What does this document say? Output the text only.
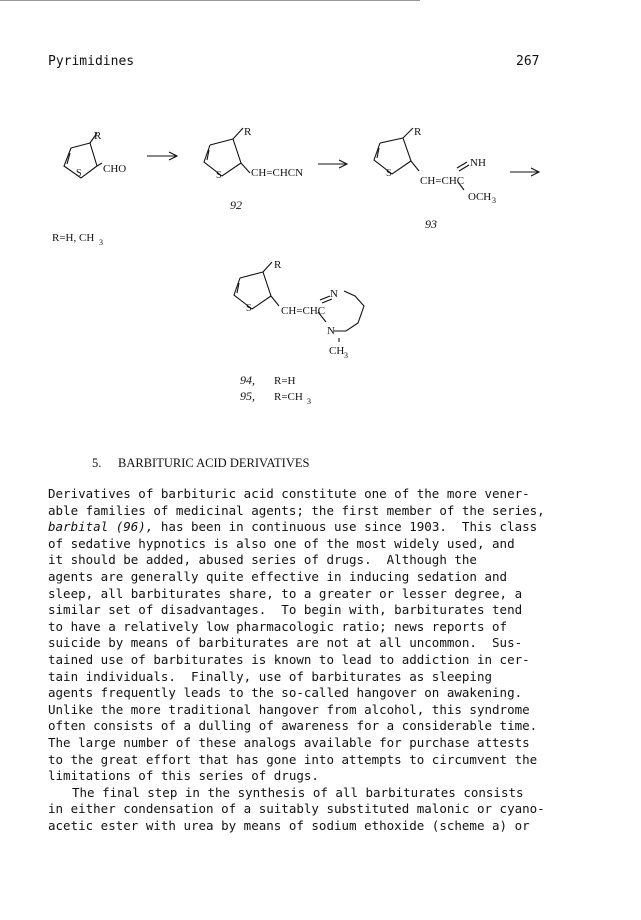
Pyrimidines	267
R
S CHO
R=H, CH 3
R
S	CH=CHCN
92
R
S
CH=CHC
NH
OCH 3
93
R
S	CH=CHC
N
N
CH 3
94, R=H
95, R=CH 3
5. BARBITURIC ACID DERIVATIVES
Derivatives of barbituric acid constitute one of the more vener-
able families of medicinal agents; the first member of the series,
barbital (96), has been in continuous use since 1903.  This class
of sedative hypnotics is also one of the most widely used, and
it should be added, abused series of drugs.  Although the
agents are generally quite effective in inducing sedation and
sleep, all barbiturates share, to a greater or lesser degree, a
similar set of disadvantages.  To begin with, barbiturates tend
to have a relatively low pharmacologic ratio; news reports of
suicide by means of barbiturates are not at all uncommon.  Sus-
tained use of barbiturates is known to lead to addiction in cer-
tain individuals.  Finally, use of barbiturates as sleeping
agents frequently leads to the so-called hangover on awakening.
Unlike the more traditional hangover from alcohol, this syndrome
often consists of a dulling of awareness for a considerable time.
The large number of these analogs available for purchase attests
to the great effort that has gone into attempts to circumvent the
limitations of this series of drugs.
The final step in the synthesis of all barbiturates consists
in either condensation of a suitably substituted malonic or cyano-
acetic ester with urea by means of sodium ethoxide (scheme a) or
